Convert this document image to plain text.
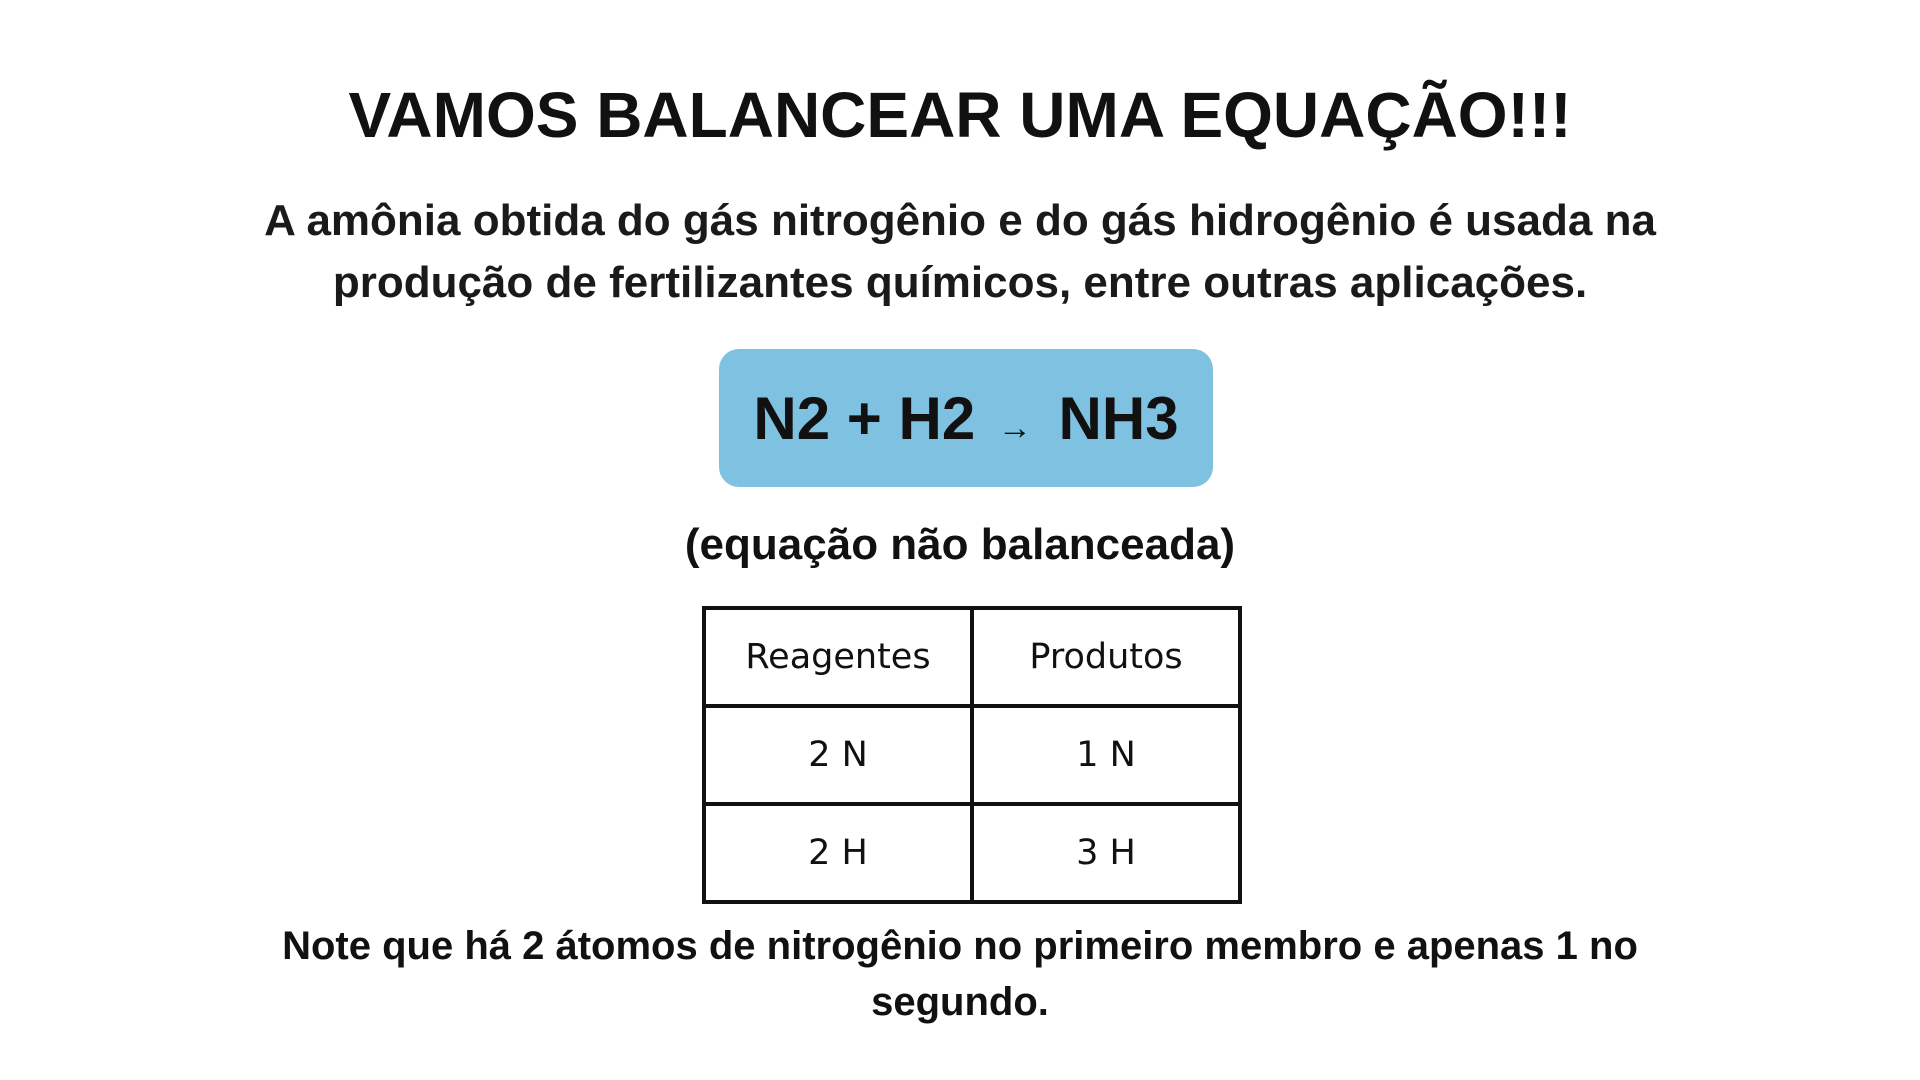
VAMOS BALANCEAR UMA EQUAÇÃO!!!

A amônia obtida do gás nitrogênio e do gás hidrogênio é usada na produção de fertilizantes químicos, entre outras aplicações.

N2 + H2 → NH3

(equação não balanceada)

Reagentes	Produtos
2 N	1 N
2 H	3 H

Note que há 2 átomos de nitrogênio no primeiro membro e apenas 1 no segundo.
